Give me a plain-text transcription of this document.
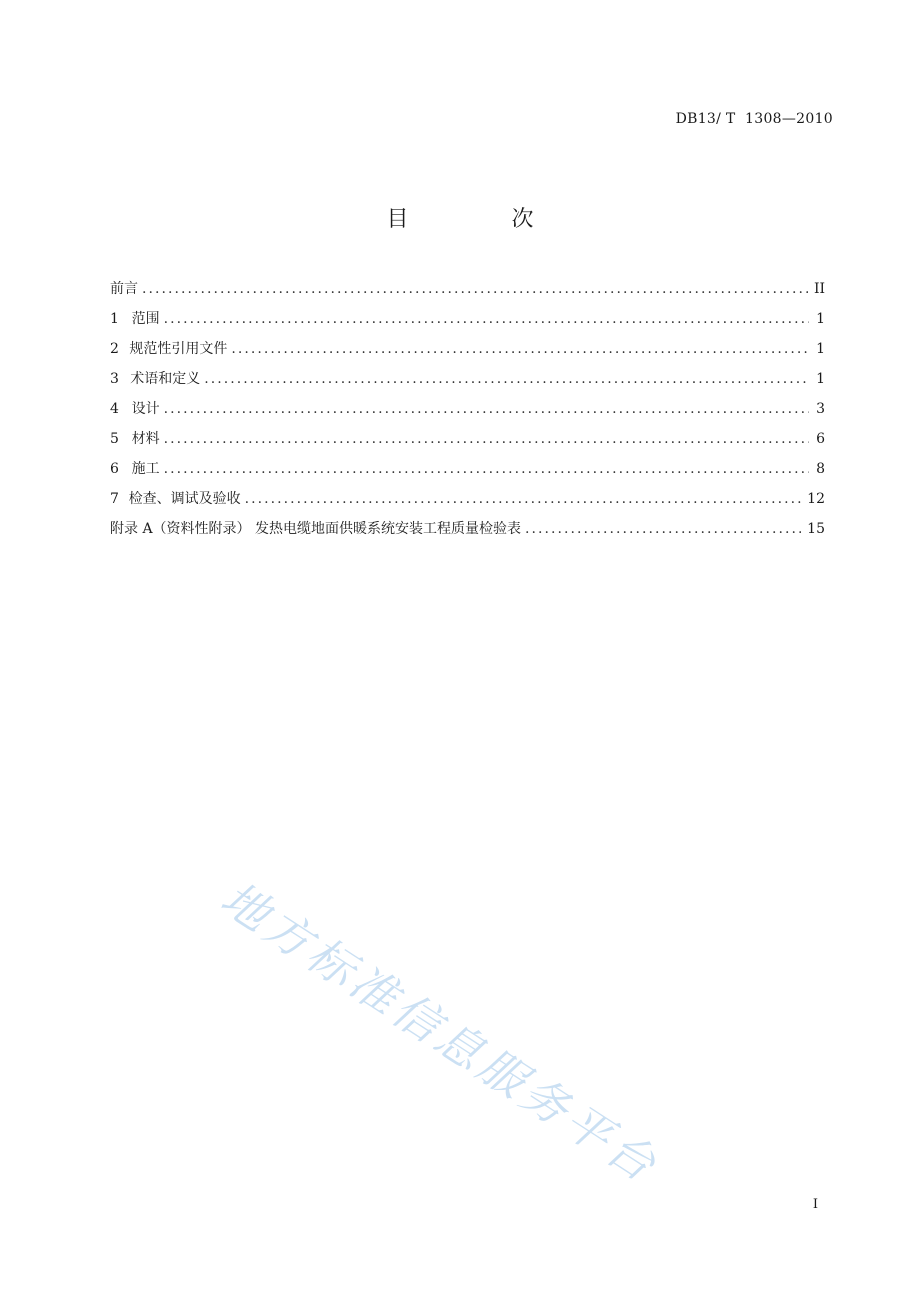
DB13/ T  1308—2010
目 次
前言 . . .	II
1 范围 . . .	1
2 规范性引用文件 . . .	1
3 术语和定义 . . .	1
4 设计 . . .	3
5 材料 . . .	6
6 施工 . . .	8
7 检查、调试及验收 . . .	12
附录 A（资料性附录） 发热电缆地面供暖系统安装工程质量检验表 . . .	15
地方标准信息服务平台
I
